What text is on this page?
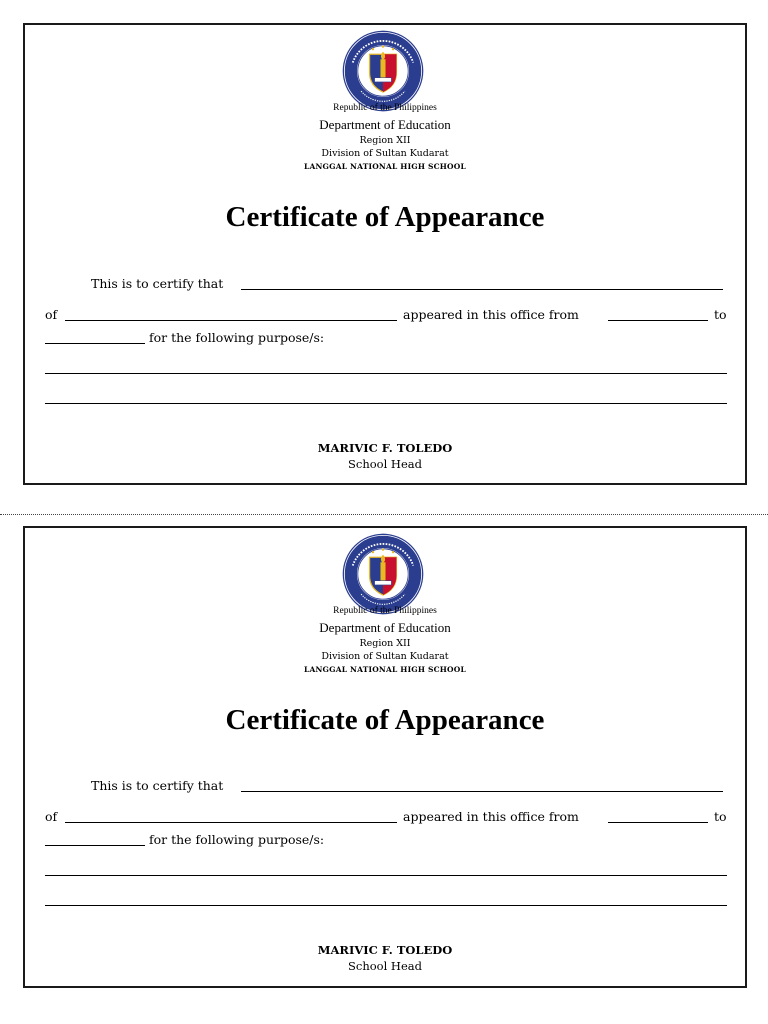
Republic of the Philippines
Department of Education
Region XII
Division of Sultan Kudarat
LANGGAL NATIONAL HIGH SCHOOL
Certificate of Appearance
This is to certify that
of	appeared in this office from	to
for the following purpose/s:
MARIVIC F. TOLEDO
School Head
Republic of the Philippines
Department of Education
Region XII
Division of Sultan Kudarat
LANGGAL NATIONAL HIGH SCHOOL
Certificate of Appearance
This is to certify that
of	appeared in this office from	to
for the following purpose/s:
MARIVIC F. TOLEDO
School Head
